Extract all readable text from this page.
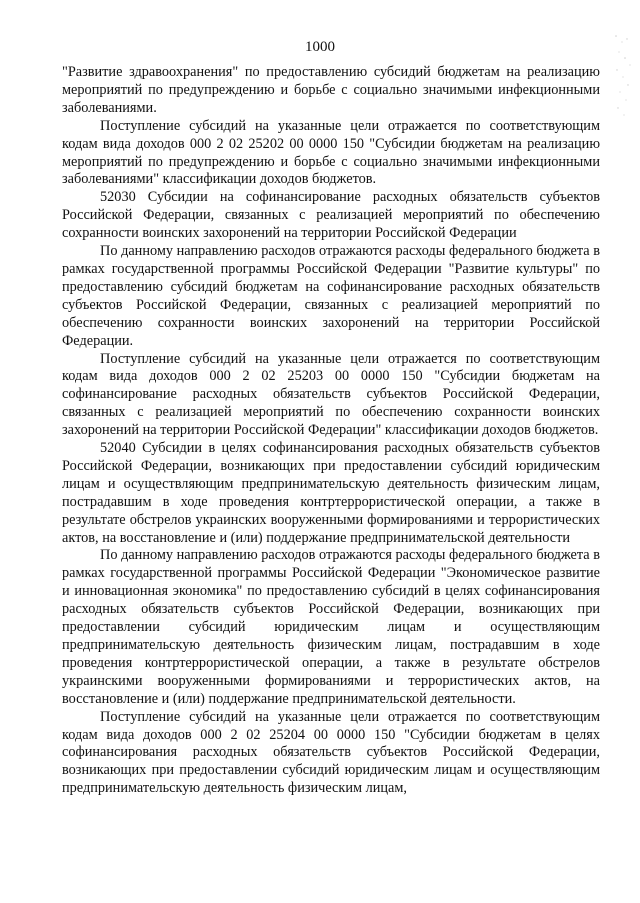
1000

"Развитие здравоохранения" по предоставлению субсидий бюджетам на реализацию мероприятий по предупреждению и борьбе с социально значимыми инфекционными заболеваниями.

Поступление субсидий на указанные цели отражается по соответствующим кодам вида доходов 000 2 02 25202 00 0000 150 "Субсидии бюджетам на реализацию мероприятий по предупреждению и борьбе с социально значимыми инфекционными заболеваниями" классификации доходов бюджетов.

52030 Субсидии на софинансирование расходных обязательств субъектов Российской Федерации, связанных с реализацией мероприятий по обеспечению сохранности воинских захоронений на территории Российской Федерации

По данному направлению расходов отражаются расходы федерального бюджета в рамках государственной программы Российской Федерации "Развитие культуры" по предоставлению субсидий бюджетам на софинансирование расходных обязательств субъектов Российской Федерации, связанных с реализацией мероприятий по обеспечению сохранности воинских захоронений на территории Российской Федерации.

Поступление субсидий на указанные цели отражается по соответствующим кодам вида доходов 000 2 02 25203 00 0000 150 "Субсидии бюджетам на софинансирование расходных обязательств субъектов Российской Федерации, связанных с реализацией мероприятий по обеспечению сохранности воинских захоронений на территории Российской Федерации" классификации доходов бюджетов.

52040 Субсидии в целях софинансирования расходных обязательств субъектов Российской Федерации, возникающих при предоставлении субсидий юридическим лицам и осуществляющим предпринимательскую деятельность физическим лицам, пострадавшим в ходе проведения контртеррористической операции, а также в результате обстрелов украинских вооруженными формированиями и террористических актов, на восстановление и (или) поддержание предпринимательской деятельности

По данному направлению расходов отражаются расходы федерального бюджета в рамках государственной программы Российской Федерации "Экономическое развитие и инновационная экономика" по предоставлению субсидий в целях софинансирования расходных обязательств субъектов Российской Федерации, возникающих при предоставлении субсидий юридическим лицам и осуществляющим предпринимательскую деятельность физическим лицам, пострадавшим в ходе проведения контртеррористической операции, а также в результате обстрелов украинскими вооруженными формированиями и террористических актов, на восстановление и (или) поддержание предпринимательской деятельности.

Поступление субсидий на указанные цели отражается по соответствующим кодам вида доходов 000 2 02 25204 00 0000 150 "Субсидии бюджетам в целях софинансирования расходных обязательств субъектов Российской Федерации, возникающих при предоставлении субсидий юридическим лицам и осуществляющим предпринимательскую деятельность физическим лицам,
